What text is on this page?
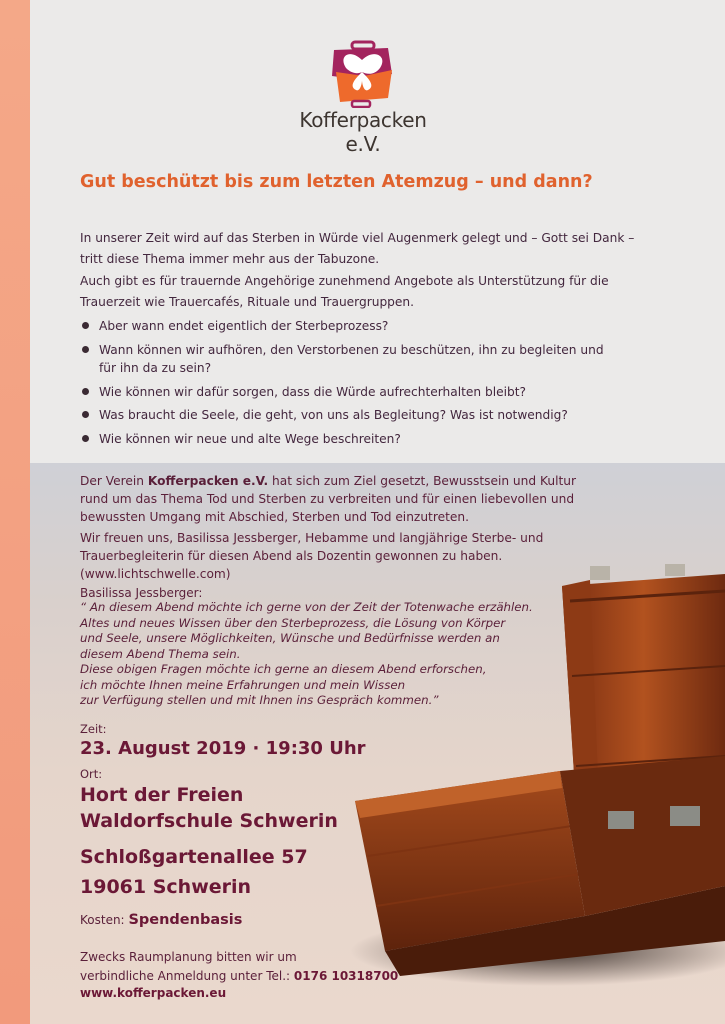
Kofferpacken e.V.
Gut beschützt bis zum letzten Atemzug – und dann?

In unserer Zeit wird auf das Sterben in Würde viel Augenmerk gelegt und – Gott sei Dank – tritt diese Thema immer mehr aus der Tabuzone.

Auch gibt es für trauernde Angehörige zunehmend Angebote als Unterstützung für die Trauerzeit wie Trauercafés, Rituale und Trauergruppen.

Aber wann endet eigentlich der Sterbeprozess?
Wann können wir aufhören, den Verstorbenen zu beschützen, ihn zu begleiten und für ihn da zu sein?
Wie können wir dafür sorgen, dass die Würde aufrechterhalten bleibt?
Was braucht die Seele, die geht, von uns als Begleitung? Was ist notwendig?
Wie können wir neue und alte Wege beschreiten?

Der Verein Kofferpacken e.V. hat sich zum Ziel gesetzt, Bewusstsein und Kultur rund um das Thema Tod und Sterben zu verbreiten und für einen liebevollen und bewussten Umgang mit Abschied, Sterben und Tod einzutreten.

Wir freuen uns, Basilissa Jessberger, Hebamme und langjährige Sterbe- und Trauerbegleiterin für diesen Abend als Dozentin gewonnen zu haben.
(www.lichtschwelle.com)

Basilissa Jessberger:

“ An diesem Abend möchte ich gerne von der Zeit der Totenwache erzählen.
Altes und neues Wissen über den Sterbeprozess, die Lösung von Körper
und Seele, unsere Möglichkeiten, Wünsche und Bedürfnisse werden an
diesem Abend Thema sein.
Diese obigen Fragen möchte ich gerne an diesem Abend erforschen,
ich möchte Ihnen meine Erfahrungen und mein Wissen
zur Verfügung stellen und mit Ihnen ins Gespräch kommen.”

Zeit:
23. August 2019 · 19:30 Uhr
Ort:
Hort der Freien
Waldorfschule Schwerin
Schloßgartenallee 57
19061 Schwerin
Kosten: Spendenbasis
Zwecks Raumplanung bitten wir um
verbindliche Anmeldung unter Tel.: 0176 10318700
www.kofferpacken.eu
